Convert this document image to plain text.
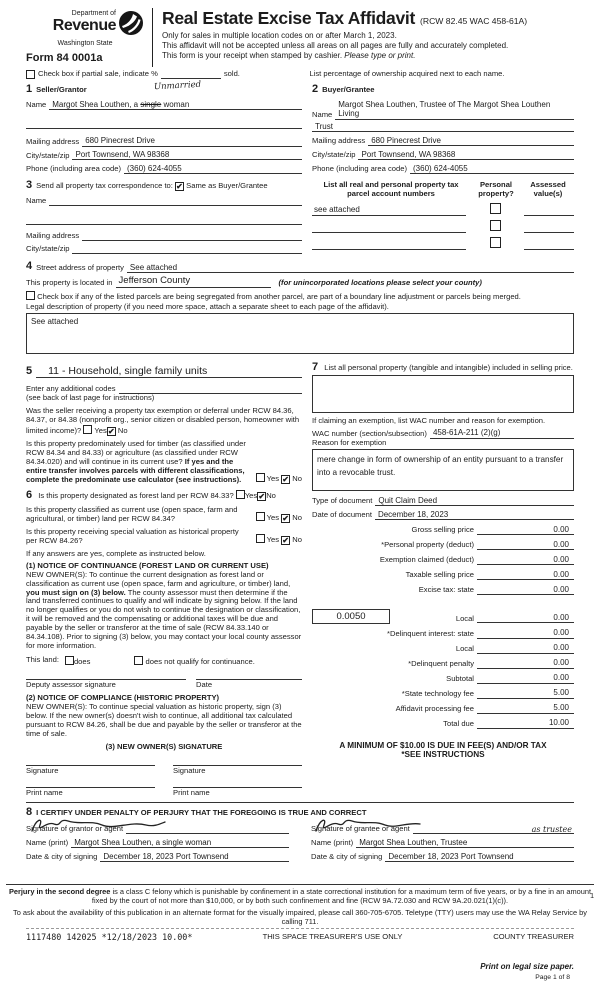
Department of
Revenue
Washington State
Form 84 0001a
Real Estate Excise Tax Affidavit (RCW 82.45 WAC 458-61A)
Only for sales in multiple location codes on or after March 1, 2023.
This affidavit will not be accepted unless all areas on all pages are fully and accurately completed.
This form is your receipt when stamped by cashier. Please type or print.
Check box if partial sale, indicate %	sold.	List percentage of ownership acquired next to each name.
1 Seller/Grantor	Unmarried
Name Margot Shea Louthen, a single woman
Mailing address 680 Pinecrest Drive
City/state/zip Port Townsend, WA 98368
Phone (including area code) (360) 624-4055
2 Buyer/Grantee
Name
Margot Shea Louthen, Trustee of The Margot Shea Louthen Living
Trust
Mailing address 680 Pinecrest Drive
City/state/zip Port Townsend, WA 98368
Phone (including area code) (360) 624-4055
3 Send all property tax correspondence to: ✔ Same as Buyer/Grantee
Name
Mailing address
City/state/zip
List all real and personal property tax
parcel account numbers
Personal
property?
Assessed
value(s)
see attached
4 Street address of property See attached
This property is located in Jefferson County	(for unincorporated locations please select your county)
Check box if any of the listed parcels are being segregated from another parcel, are part of a boundary line adjustment or parcels being merged.
Legal description of property (if you need more space, attach a separate sheet to each page of the affidavit).
See attached
5	11 - Household, single family units
Enter any additional codes
(see back of last page for instructions)
Was the seller receiving a property tax exemption or deferral under RCW 84.36, 84.37, or 84.38 (nonprofit org., senior citizen or disabled person, homeowner with limited income)? Yes✔ No
Is this property predominately used for timber (as classified under RCW 84.34 and 84.33) or agriculture (as classified under RCW 84.34.020) and will continue in its current use? If yes and the entire transfer involves parcels with different classifications, complete the predominate use calculator (see instructions).	Yes ✔ No
6 Is this property designated as forest land per RCW 84.33? Yes✔No
Is this property classified as current use (open space, farm and agricultural, or timber) land per RCW 84.34?	Yes ✔ No
Is this property receiving special valuation as historical property per RCW 84.26?	Yes ✔ No
If any answers are yes, complete as instructed below.
(1) NOTICE OF CONTINUANCE (FOREST LAND OR CURRENT USE)
NEW OWNER(S): To continue the current designation as forest land or classification as current use (open space, farm and agriculture, or timber) land, you must sign on (3) below. The county assessor must then determine if the land transferred continues to qualify and will indicate by signing below. If the land no longer qualifies or you do not wish to continue the designation or classification, it will be removed and the compensating or additional taxes will be due and payable by the seller or transferor at the time of sale (RCW 84.33.140 or 84.34.108). Prior to signing (3) below, you may contact your local county assessor for more information.
This land:	does	does not qualify for continuance.
Deputy assessor signature	Date
(2) NOTICE OF COMPLIANCE (HISTORIC PROPERTY)
NEW OWNER(S): To continue special valuation as historic property, sign (3) below. If the new owner(s) doesn't wish to continue, all additional tax calculated pursuant to RCW 84.26, shall be due and payable by the seller or transferor at the time of sale.
(3) NEW OWNER(S) SIGNATURE
Signature	Signature
Print name	Print name
7 List all personal property (tangible and intangible) included in selling price.
If claiming an exemption, list WAC number and reason for exemption.
WAC number (section/subsection) 458-61A-211 (2)(g)
Reason for exemption
mere change in form of ownership of an entity pursuant to a transfer into a revocable trust.
Type of document Quit Claim Deed
Date of document December 18, 2023
Gross selling price	0.00
*Personal property (deduct)	0.00
Exemption claimed (deduct)	0.00
Taxable selling price	0.00
Excise tax: state	0.00
0.0050	Local	0.00
*Delinquent interest: state	0.00
Local	0.00
*Delinquent penalty	0.00
Subtotal	0.00
*State technology fee	5.00
Affidavit processing fee	5.00
Total due	10.00
A MINIMUM OF $10.00 IS DUE IN FEE(S) AND/OR TAX
*SEE INSTRUCTIONS
8 I CERTIFY UNDER PENALTY OF PERJURY THAT THE FOREGOING IS TRUE AND CORRECT
Signature of grantor or agent
Name (print) Margot Shea Louthen, a single woman
Date & city of signing December 18, 2023 Port Townsend
Signature of grantee or agent	as trustee
Name (print) Margot Shea Louthen, Trustee
Date & city of signing December 18, 2023 Port Townsend
Perjury in the second degree is a class C felony which is punishable by confinement in a state correctional institution for a maximum term of five years, or by a fine in an amount fixed by the court of not more than $10,000, or by both such confinement and fine (RCW 9A.72.030 and RCW 9A.20.021(1)(c)).
To ask about the availability of this publication in an alternate format for the visually impaired, please call 360-705-6705. Teletype (TTY) users may use the WA Relay Service by calling 711.
1
1117480 142025 *12/18/2023 10.00*	THIS SPACE TREASURER'S USE ONLY	COUNTY TREASURER
Print on legal size paper.
Page 1 of 8
